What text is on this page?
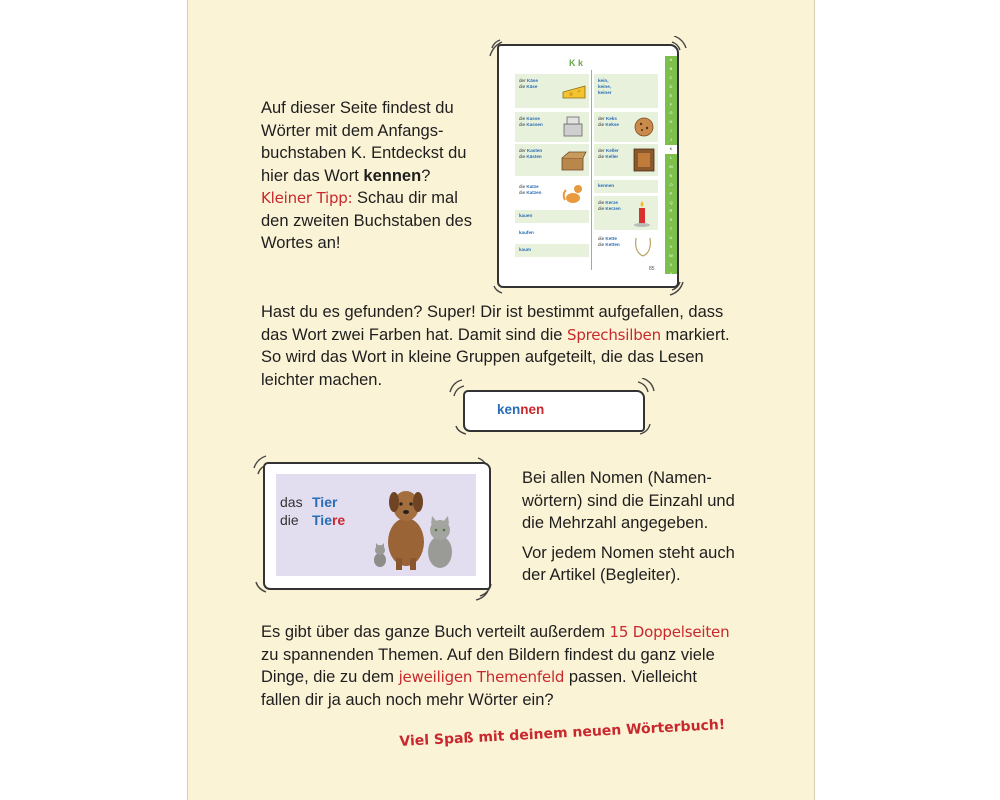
Auf dieser Seite findest du
Wörter mit dem Anfangs-
buchstaben K. Entdeckst du
hier das Wort kennen?
Kleiner Tipp: Schau dir mal
den zweiten Buchstaben des
Wortes an!
K k
der Käse
die Käse
die Kasse
die Kassen
der Kasten
die Kästen
die Katze
die Katzen
kauen
kaufen
kaum
kein,
keine,
keiner
der Keks
die Kekse
der Keller
die Keller
kennen
die Kerze
die Kerzen
die Kette
die Ketten
A
B
C
D
E
F
G
H
I
J
K
L
M
N
O
P
Q
R
S
T
U
V
W
X
Y
Z
85
Hast du es gefunden? Super! Dir ist bestimmt aufgefallen, dass
das Wort zwei Farben hat. Damit sind die Sprechsilben markiert.
So wird das Wort in kleine Gruppen aufgeteilt, die das Lesen
leichter machen.
kennen
das Tier
die Tiere
Bei allen Nomen (Namen-
wörtern) sind die Einzahl und
die Mehrzahl angegeben.
Vor jedem Nomen steht auch
der Artikel (Begleiter).
Es gibt über das ganze Buch verteilt außerdem 15 Doppelseiten
zu spannenden Themen. Auf den Bildern findest du ganz viele
Dinge, die zu dem jeweiligen Themenfeld passen. Vielleicht
fallen dir ja auch noch mehr Wörter ein?
Viel Spaß mit deinem neuen Wörterbuch!
